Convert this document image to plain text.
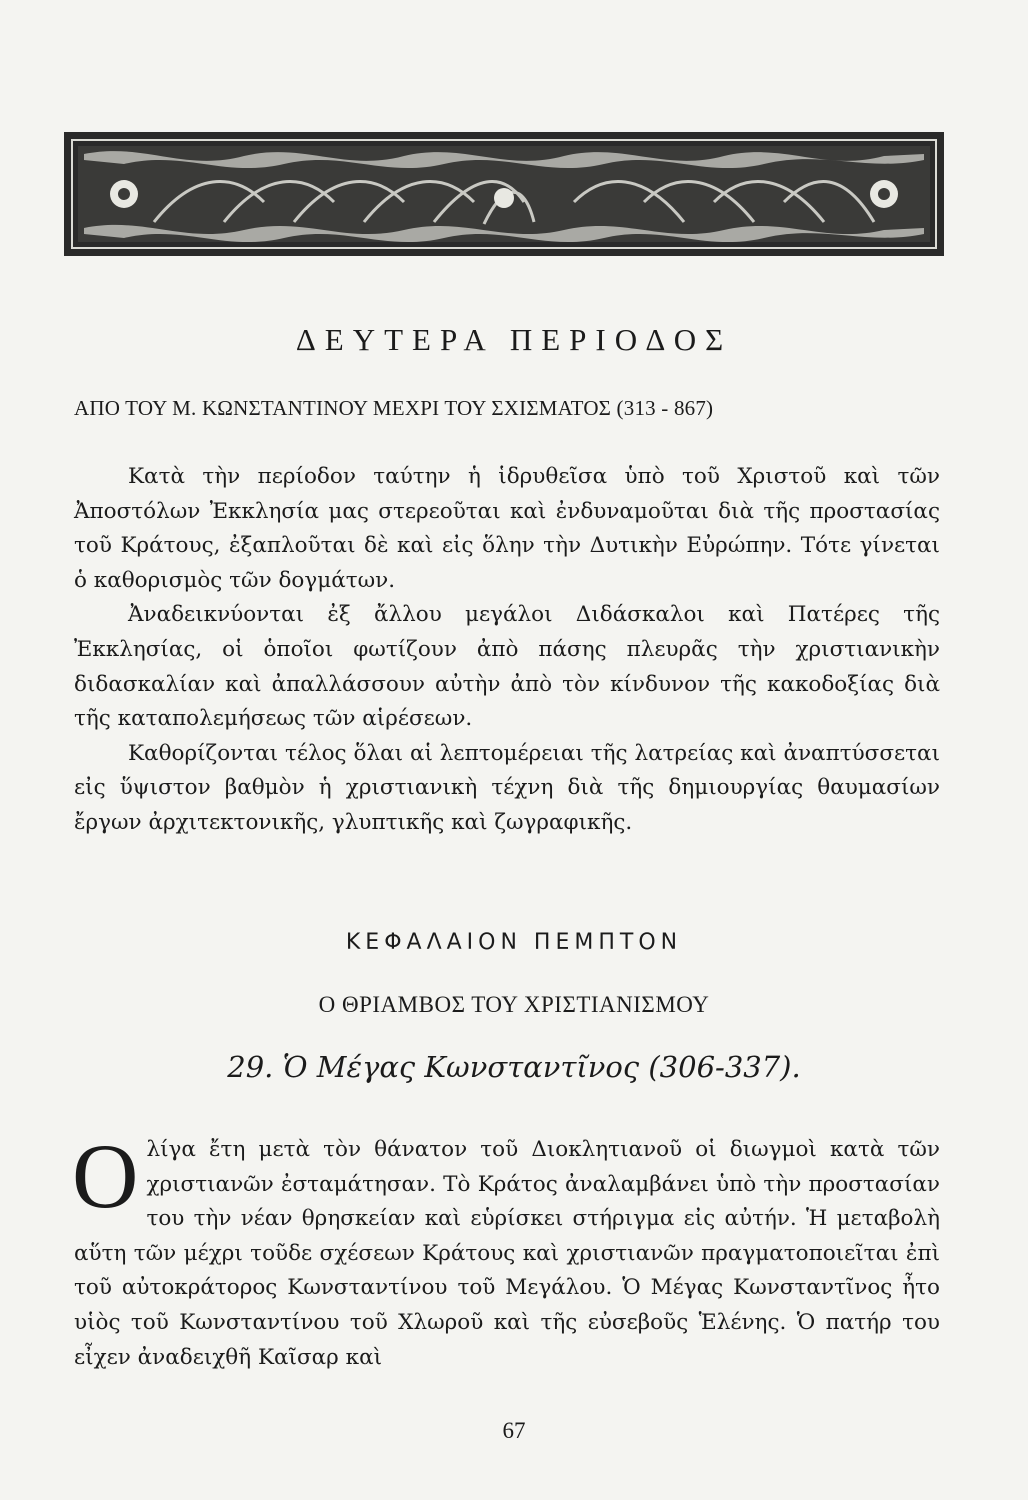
ΔΕΥΤΕΡΑ ΠΕΡΙΟΔΟΣ
ΑΠΟ ΤΟΥ Μ. ΚΩΝΣΤΑΝΤΙΝΟΥ ΜΕΧΡΙ ΤΟΥ ΣΧΙΣΜΑΤΟΣ (313 - 867)

Κατὰ τὴν περίοδον ταύτην ἡ ἱδρυθεῖσα ὑπὸ τοῦ Χριστοῦ καὶ τῶν Ἀποστόλων Ἐκκλησία μας στερεοῦται καὶ ἐνδυναμοῦται διὰ τῆς προστασίας τοῦ Κράτους, ἐξαπλοῦται δὲ καὶ εἰς ὅλην τὴν Δυτικὴν Εὐρώπην. Τότε γίνεται ὁ καθορισμὸς τῶν δογμάτων.

Ἀναδεικνύονται ἐξ ἄλλου μεγάλοι Διδάσκαλοι καὶ Πατέρες τῆς Ἐκκλησίας, οἱ ὁποῖοι φωτίζουν ἀπὸ πάσης πλευρᾶς τὴν χριστιανικὴν διδασκαλίαν καὶ ἀπαλλάσσουν αὐτὴν ἀπὸ τὸν κίνδυνον τῆς κακοδοξίας διὰ τῆς καταπολεμήσεως τῶν αἱρέσεων.

Καθορίζονται τέλος ὅλαι αἱ λεπτομέρειαι τῆς λατρείας καὶ ἀναπτύσσεται εἰς ὕψιστον βαθμὸν ἡ χριστιανικὴ τέχνη διὰ τῆς δημιουργίας θαυμασίων ἔργων ἀρχιτεκτονικῆς, γλυπτικῆς καὶ ζωγραφικῆς.

ΚΕΦΑΛΑΙΟΝ ΠΕΜΠΤΟΝ
Ο ΘΡΙΑΜΒΟΣ ΤΟΥ ΧΡΙΣΤΙΑΝΙΣΜΟΥ
29. Ὁ Μέγας Κωνσταντῖνος (306-337).
Ο λίγα ἔτη μετὰ τὸν θάνατον τοῦ Διοκλητιανοῦ οἱ διωγμοὶ κατὰ τῶν χριστιανῶν ἐσταμάτησαν. Τὸ Κράτος ἀναλαμβάνει ὑπὸ τὴν προστασίαν του τὴν νέαν θρησκείαν καὶ εὑρίσκει στήριγμα εἰς αὐτήν. Ἡ μεταβολὴ αὕτη τῶν μέχρι τοῦδε σχέσεων Κράτους καὶ χριστιανῶν πραγματοποιεῖται ἐπὶ τοῦ αὐτοκράτορος Κωνσταντίνου τοῦ Μεγάλου. Ὁ Μέγας Κωνσταντῖνος ἦτο υἱὸς τοῦ Κωνσταντίνου τοῦ Χλωροῦ καὶ τῆς εὐσεβοῦς Ἑλένης. Ὁ πατήρ του εἶχεν ἀναδειχθῆ Καῖσαρ καὶ

67
